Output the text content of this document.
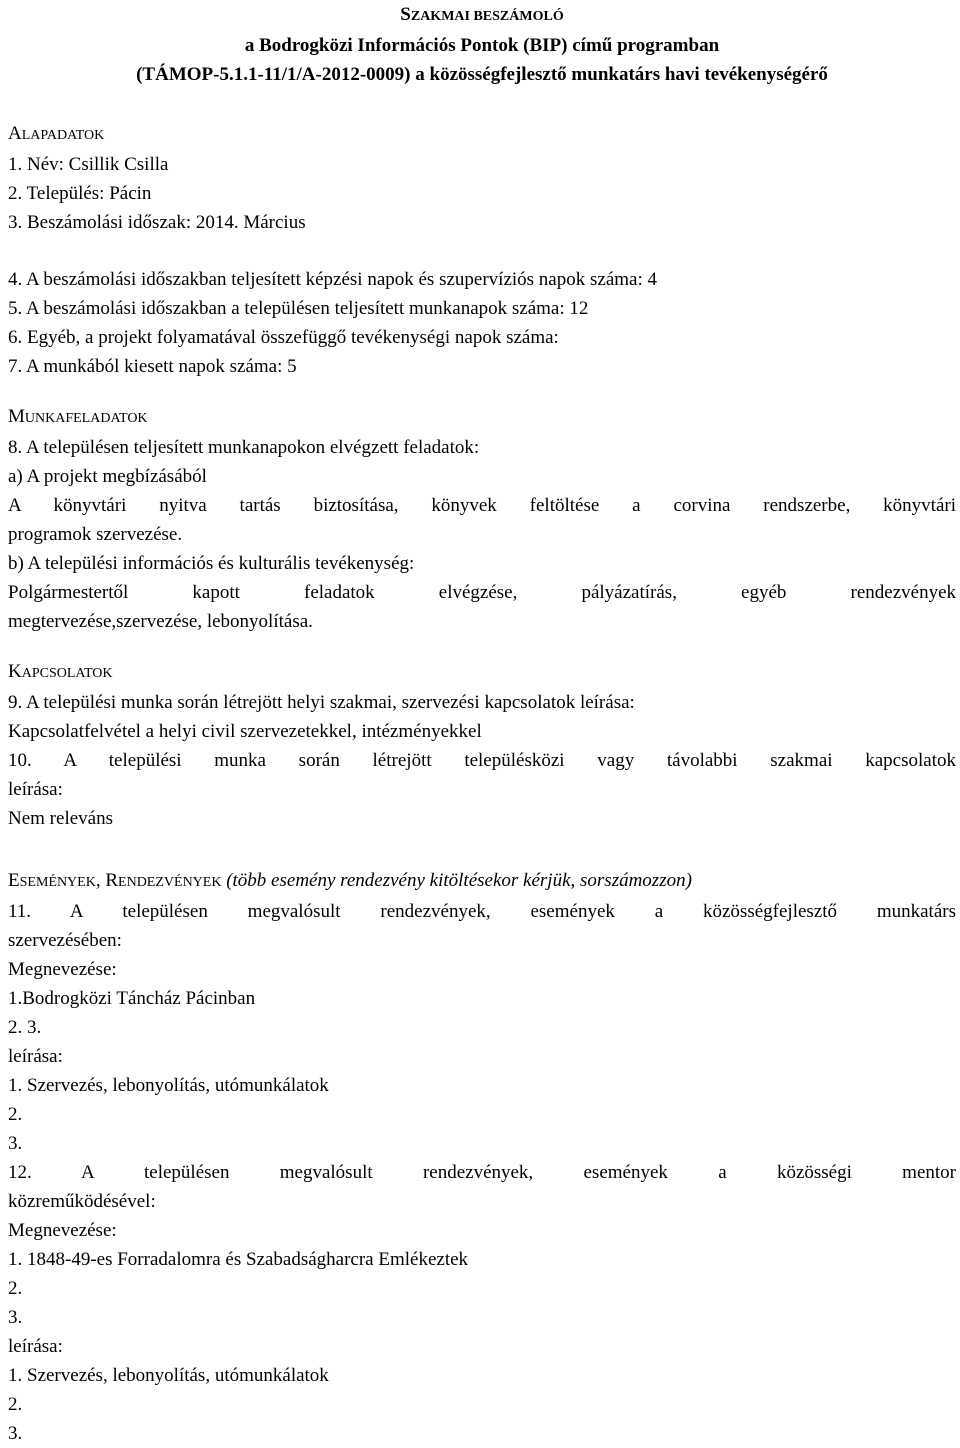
SZAKMAI BESZÁMOLÓ
a Bodrogközi Információs Pontok (BIP) című programban
(TÁMOP-5.1.1-11/1/A-2012-0009) a közösségfejlesztő munkatárs havi tevékenységérő
ALAPADATOK
1. Név: Csillik Csilla
2. Település: Pácin
3. Beszámolási időszak: 2014. Március
4. A beszámolási időszakban teljesített képzési napok és szupervíziós napok száma: 4
5. A beszámolási időszakban a településen teljesített munkanapok száma: 12
6. Egyéb, a projekt folyamatával összefüggő tevékenységi napok száma:
7. A munkából kiesett napok száma: 5
MUNKAFELADATOK
8. A településen teljesített munkanapokon elvégzett feladatok:
a) A projekt megbízásából
A könyvtári nyitva tartás biztosítása, könyvek feltöltése a corvina rendszerbe, könyvtári
programok szervezése.
b) A települési információs és kulturális tevékenység:
Polgármestertől kapott feladatok elvégzése, pályázatírás, egyéb rendezvények
megtervezése,szervezése, lebonyolítása.
KAPCSOLATOK
9. A települési munka során létrejött helyi szakmai, szervezési kapcsolatok leírása:
Kapcsolatfelvétel a helyi civil szervezetekkel, intézményekkel
10. A települési munka során létrejött településközi vagy távolabbi szakmai kapcsolatok
leírása:
Nem releváns
ESEMÉNYEK, RENDEZVÉNYEK (több esemény rendezvény kitöltésekor kérjük, sorszámozzon)
11. A településen megvalósult rendezvények, események a közösségfejlesztő munkatárs
szervezésében:
Megnevezése:
1.Bodrogközi Táncház Pácinban
2. 3.
leírása:
1. Szervezés, lebonyolítás, utómunkálatok
2.
3.
12. A településen megvalósult rendezvények, események a közösségi mentor
közreműködésével:
Megnevezése:
1. 1848-49-es Forradalomra és Szabadságharcra Emlékeztek
2.
3.
leírása:
1. Szervezés, lebonyolítás, utómunkálatok
2.
3.
